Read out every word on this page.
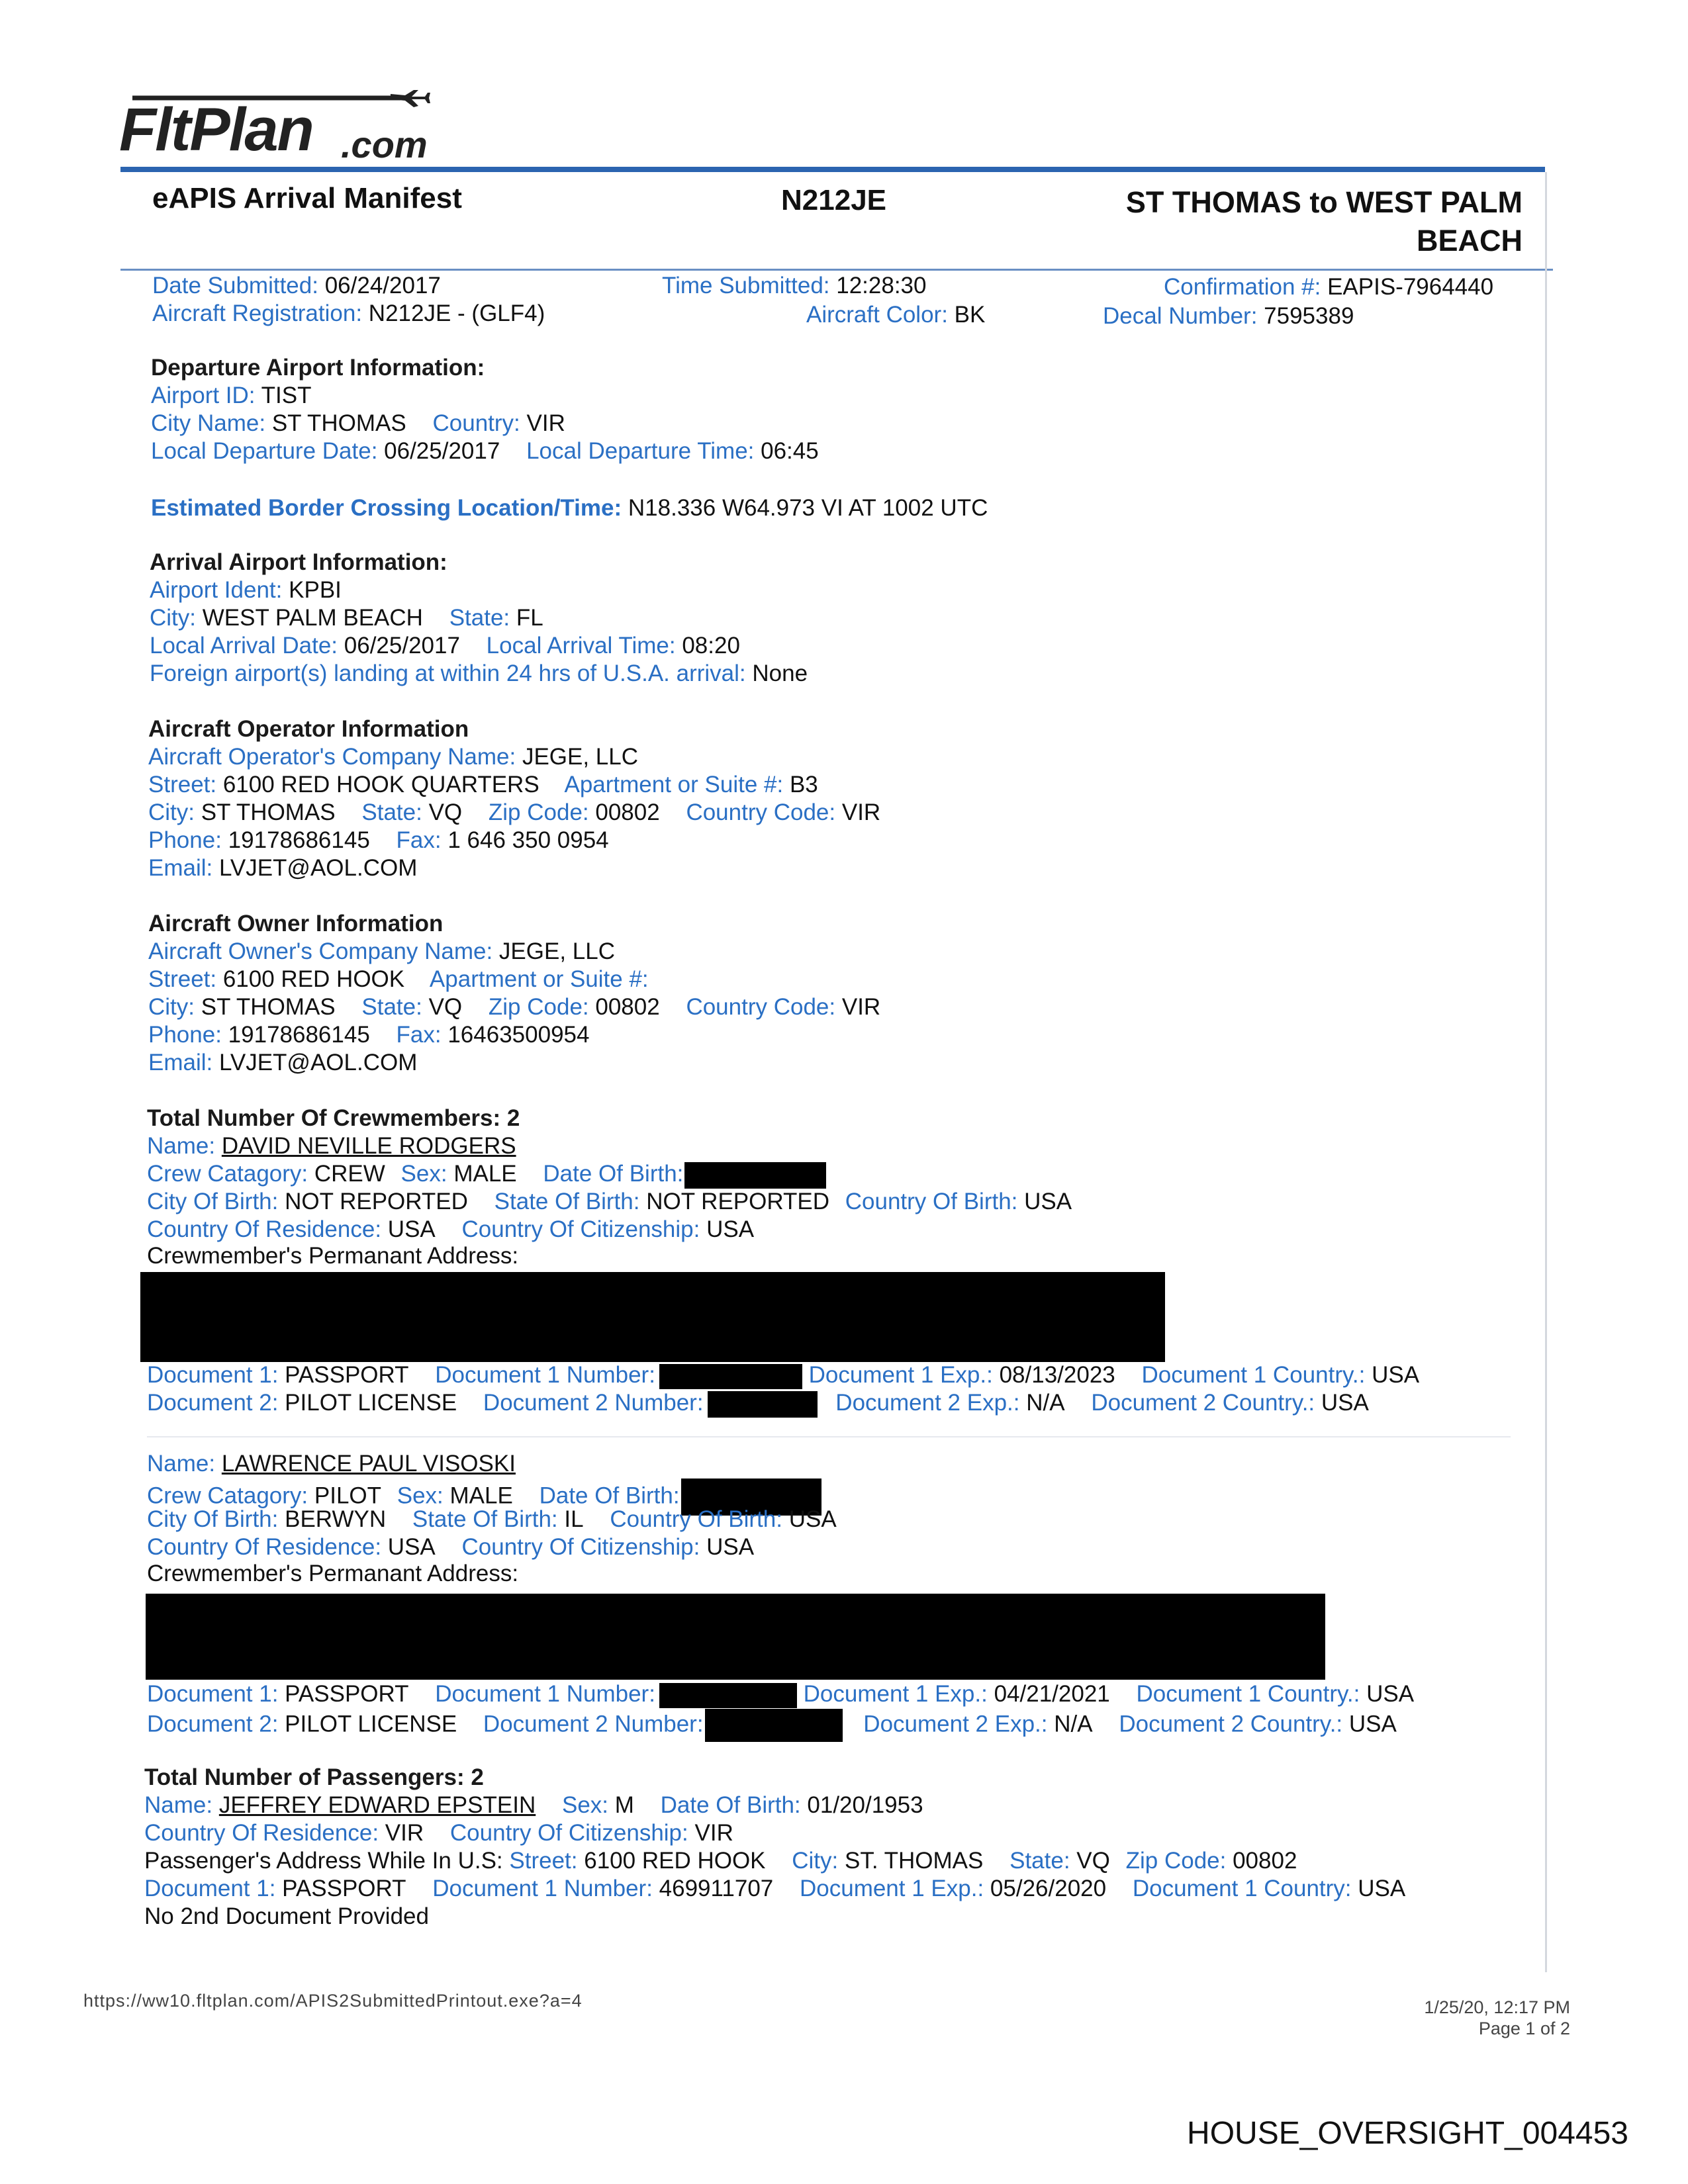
FltPlan .com
eAPIS Arrival Manifest	N212JE	ST THOMAS to WEST PALM
BEACH
Date Submitted: 06/24/2017	Time Submitted: 12:28:30	Confirmation #: EAPIS-7964440
Aircraft Registration: N212JE - (GLF4)	Aircraft Color: BK	Decal Number: 7595389
Departure Airport Information:
Airport ID: TIST
City Name: ST THOMAS Country: VIR
Local Departure Date: 06/25/2017 Local Departure Time: 06:45
Estimated Border Crossing Location/Time: N18.336 W64.973 VI AT 1002 UTC
Arrival Airport Information:
Airport Ident: KPBI
City: WEST PALM BEACH State: FL
Local Arrival Date: 06/25/2017 Local Arrival Time: 08:20
Foreign airport(s) landing at within 24 hrs of U.S.A. arrival: None
Aircraft Operator Information
Aircraft Operator's Company Name: JEGE, LLC
Street: 6100 RED HOOK QUARTERS Apartment or Suite #: B3
City: ST THOMAS State: VQ Zip Code: 00802 Country Code: VIR
Phone: 19178686145 Fax: 1 646 350 0954
Email: LVJET@AOL.COM
Aircraft Owner Information
Aircraft Owner's Company Name: JEGE, LLC
Street: 6100 RED HOOK Apartment or Suite #:
City: ST THOMAS State: VQ Zip Code: 00802 Country Code: VIR
Phone: 19178686145 Fax: 16463500954
Email: LVJET@AOL.COM
Total Number Of Crewmembers: 2
Name: DAVID NEVILLE RODGERS
Crew Catagory: CREW Sex: MALE Date Of Birth:
City Of Birth: NOT REPORTED State Of Birth: NOT REPORTED Country Of Birth: USA
Country Of Residence: USA Country Of Citizenship: USA
Crewmember's Permanant Address:
Document 1: PASSPORT Document 1 Number:	Document 1 Exp.: 08/13/2023 Document 1 Country.: USA
Document 2: PILOT LICENSE Document 2 Number:	Document 2 Exp.: N/A Document 2 Country.: USA
Name: LAWRENCE PAUL VISOSKI
Crew Catagory: PILOT Sex: MALE Date Of Birth:
City Of Birth: BERWYN State Of Birth: IL Country Of Birth: USA
Country Of Residence: USA Country Of Citizenship: USA
Crewmember's Permanant Address:
Document 1: PASSPORT Document 1 Number:	Document 1 Exp.: 04/21/2021 Document 1 Country.: USA
Document 2: PILOT LICENSE Document 2 Number:	Document 2 Exp.: N/A Document 2 Country.: USA
Total Number of Passengers: 2
Name: JEFFREY EDWARD EPSTEIN Sex: M Date Of Birth: 01/20/1953
Country Of Residence: VIR Country Of Citizenship: VIR
Passenger's Address While In U.S: Street: 6100 RED HOOK City: ST. THOMAS State: VQ Zip Code: 00802
Document 1: PASSPORT Document 1 Number: 469911707 Document 1 Exp.: 05/26/2020 Document 1 Country: USA
No 2nd Document Provided
https://ww10.fltplan.com/APIS2SubmittedPrintout.exe?a=4	1/25/20, 12:17 PM
Page 1 of 2
HOUSE_OVERSIGHT_004453
